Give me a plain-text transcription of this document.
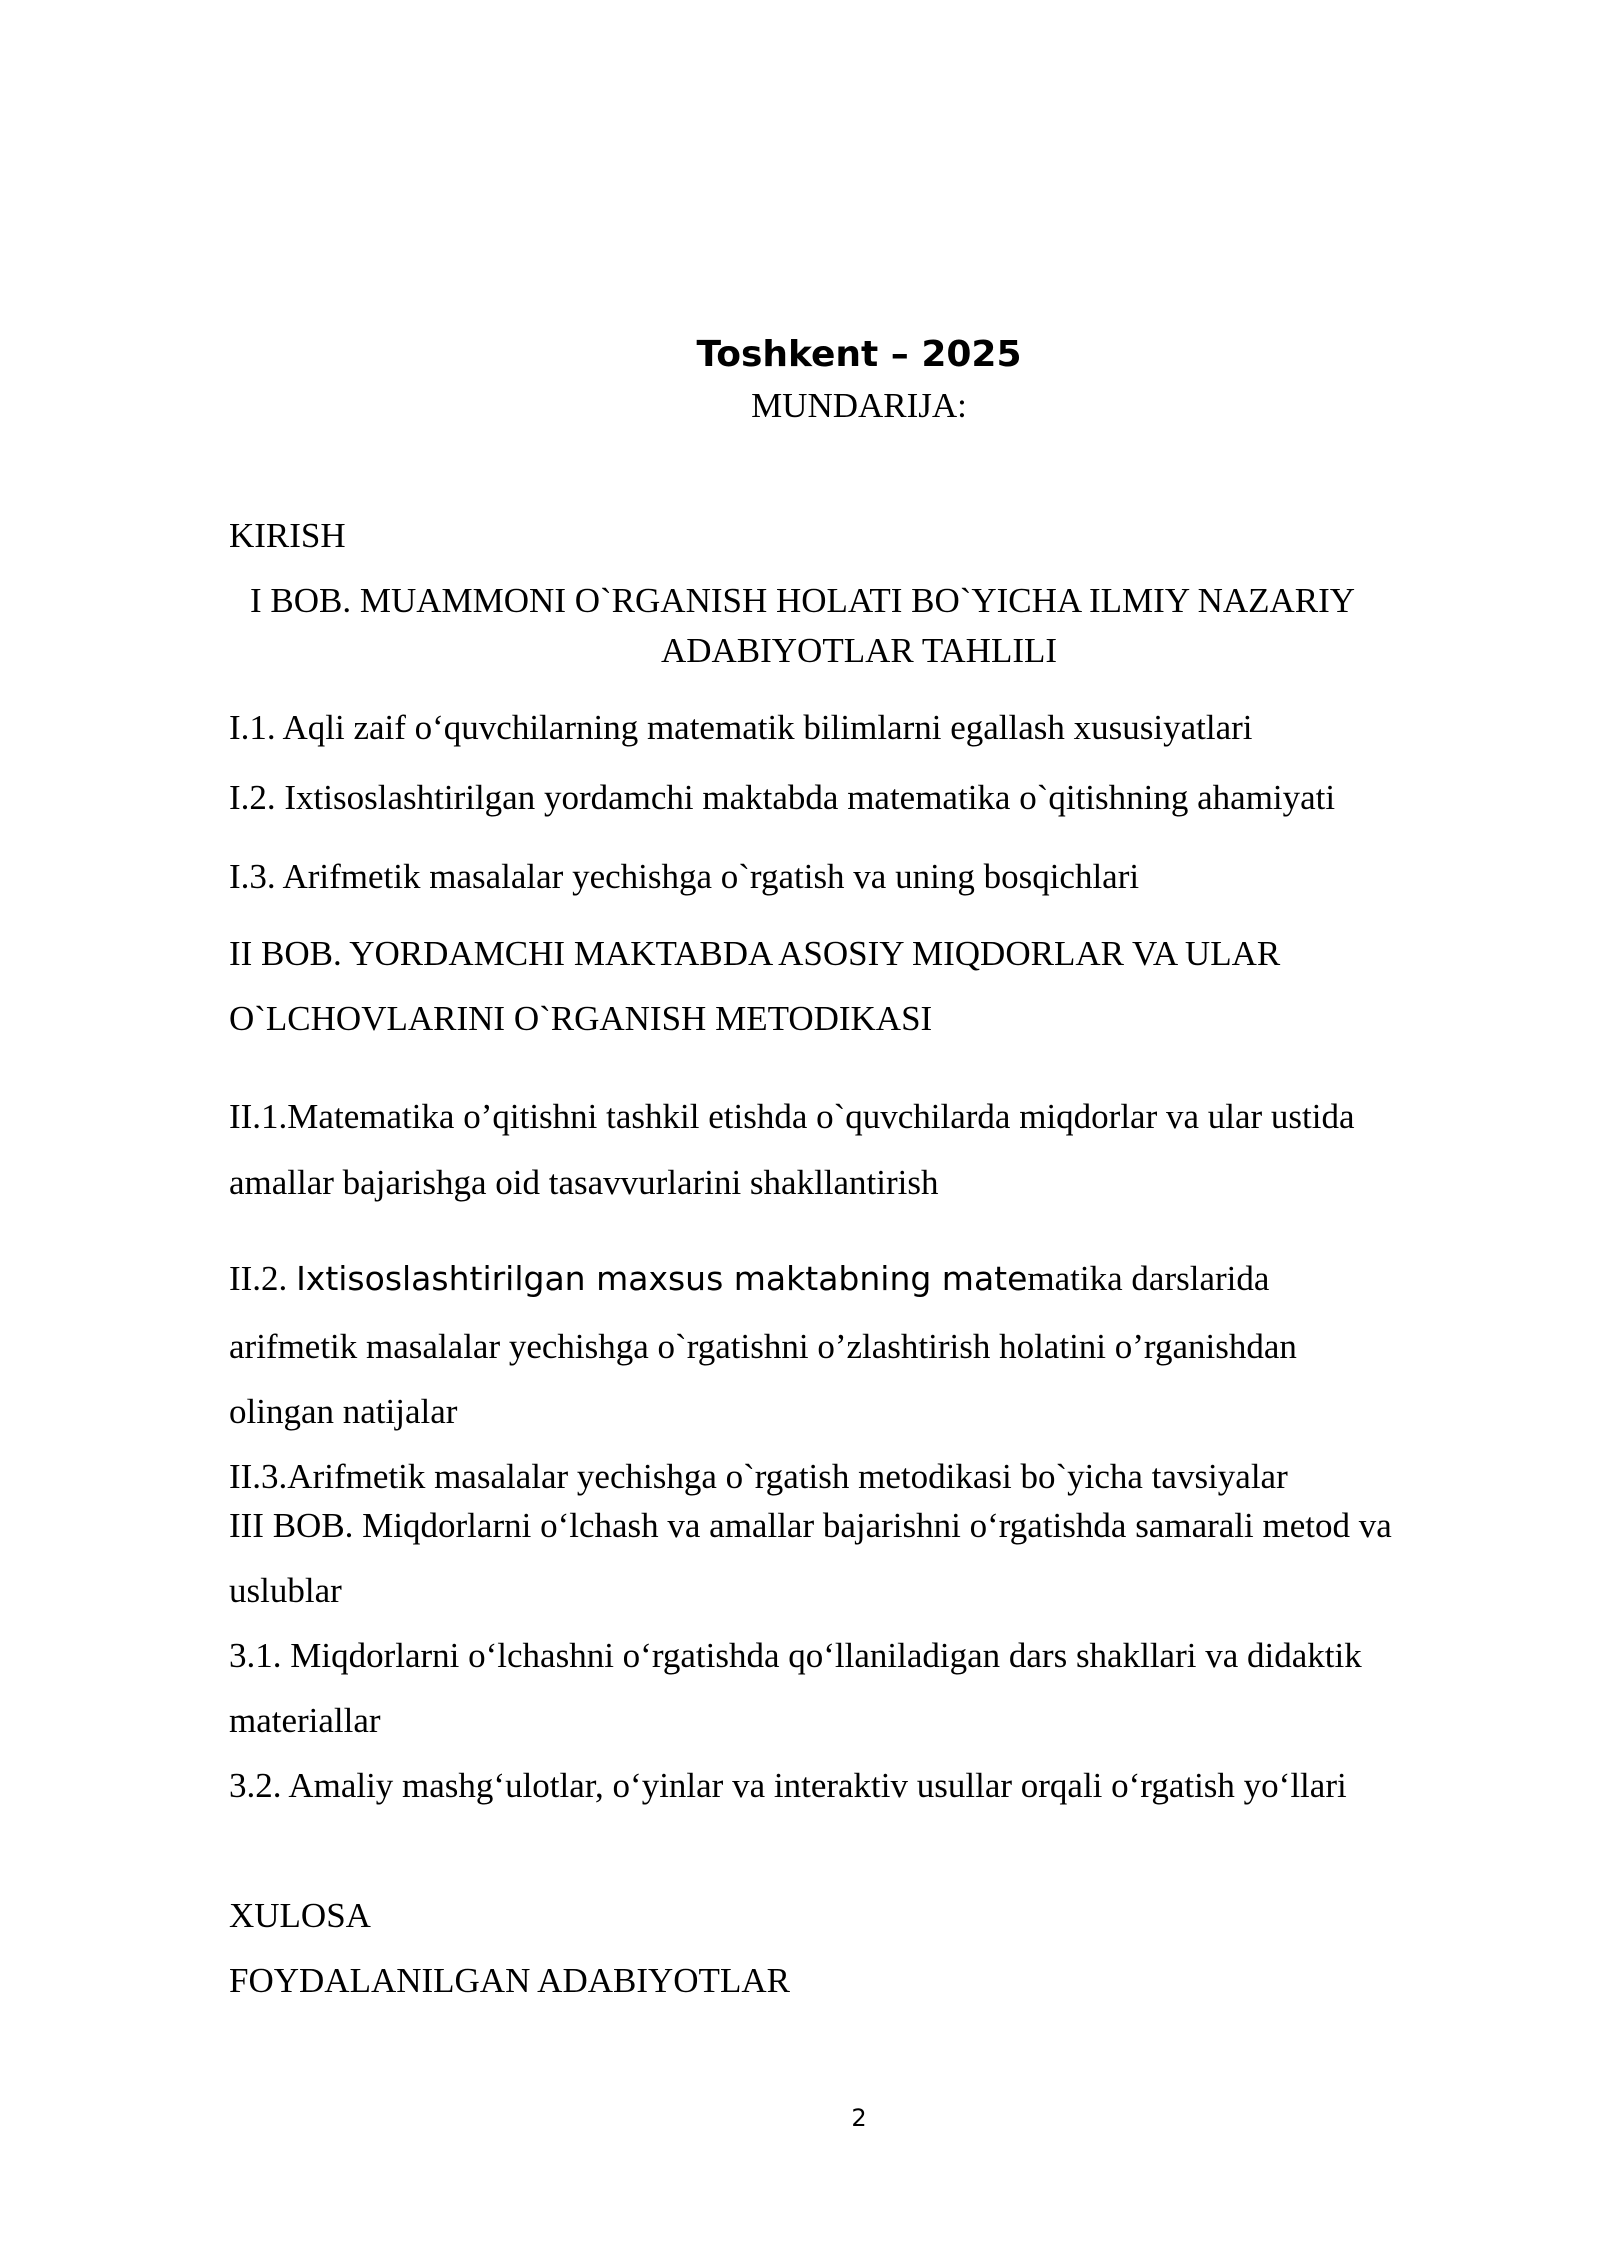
Toshkent – 2025
MUNDARIJA:
KIRISH
I BOB. MUAMMONI O`RGANISH HOLATI BO`YICHA ILMIY NAZARIY
ADABIYOTLAR TAHLILI
I.1. Aqli zaif o‘quvchilarning matematik bilimlarni egallash xususiyatlari
I.2. Ixtisoslashtirilgan yordamchi maktabda matematika o`qitishning ahamiyati
I.3. Arifmetik masalalar yechishga o`rgatish va uning bosqichlari
II BOB. YORDAMCHI MAKTABDA ASOSIY MIQDORLAR VA ULAR
O`LCHOVLARINI O`RGANISH METODIKASI
II.1.Matematika o’qitishni tashkil etishda o`quvchilarda miqdorlar va ular ustida
amallar bajarishga oid tasavvurlarini shakllantirish
II.2. Ixtisoslashtirilgan maxsus maktabning matematika darslarida
arifmetik masalalar yechishga o`rgatishni o’zlashtirish holatini o’rganishdan
olingan natijalar
II.3.Arifmetik masalalar yechishga o`rgatish metodikasi bo`yicha tavsiyalar
III BOB. Miqdorlarni o‘lchash va amallar bajarishni o‘rgatishda samarali metod va
uslublar
3.1. Miqdorlarni o‘lchashni o‘rgatishda qo‘llaniladigan dars shakllari va didaktik
materiallar
3.2. Amaliy mashg‘ulotlar, o‘yinlar va interaktiv usullar orqali o‘rgatish yo‘llari
XULOSA
FOYDALANILGAN ADABIYOTLAR
2
